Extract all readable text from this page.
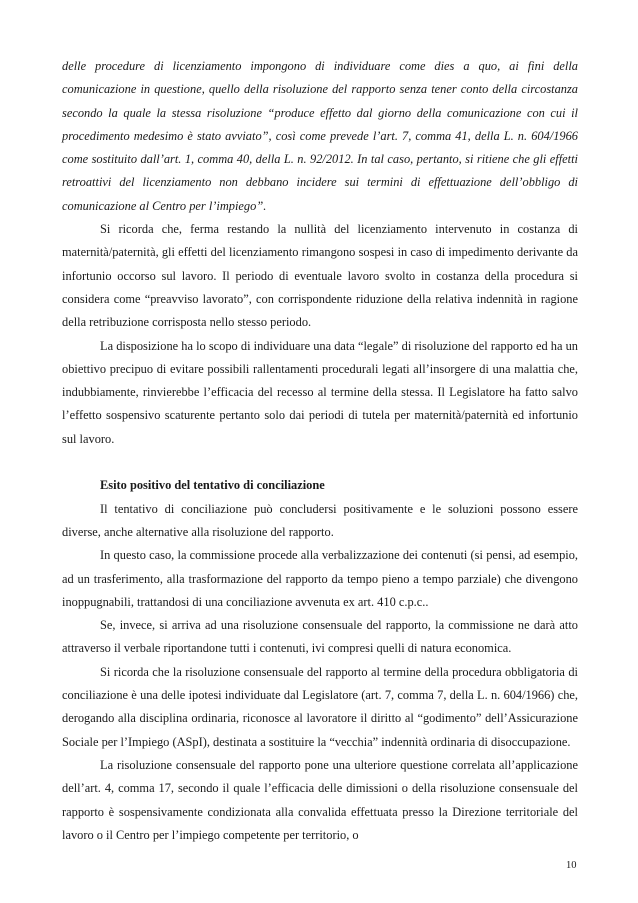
delle procedure di licenziamento impongono di individuare come dies a quo, ai fini della comunicazione in questione, quello della risoluzione del rapporto senza tener conto della circostanza secondo la quale la stessa risoluzione “produce effetto dal giorno della comunicazione con cui il procedimento medesimo è stato avviato”, così come prevede l’art. 7, comma 41, della L. n. 604/1966 come sostituito dall’art. 1, comma 40, della L. n. 92/2012. In tal caso, pertanto, si ritiene che gli effetti retroattivi del licenziamento non debbano incidere sui termini di effettuazione dell’obbligo di comunicazione al Centro per l’impiego”.

Si ricorda che, ferma restando la nullità del licenziamento intervenuto in costanza di maternità/paternità, gli effetti del licenziamento rimangono sospesi in caso di impedimento derivante da infortunio occorso sul lavoro. Il periodo di eventuale lavoro svolto in costanza della procedura si considera come “preavviso lavorato”, con corrispondente riduzione della relativa indennità in ragione della retribuzione corrisposta nello stesso periodo.

La disposizione ha lo scopo di individuare una data “legale” di risoluzione del rapporto ed ha un obiettivo precipuo di evitare possibili rallentamenti procedurali legati all’insorgere di una malattia che, indubbiamente, rinvierebbe l’efficacia del recesso al termine della stessa. Il Legislatore ha fatto salvo l’effetto sospensivo scaturente pertanto solo dai periodi di tutela per maternità/paternità ed infortunio sul lavoro.

Esito positivo del tentativo di conciliazione

Il tentativo di conciliazione può concludersi positivamente e le soluzioni possono essere diverse, anche alternative alla risoluzione del rapporto.

In questo caso, la commissione procede alla verbalizzazione dei contenuti (si pensi, ad esempio, ad un trasferimento, alla trasformazione del rapporto da tempo pieno a tempo parziale) che divengono inoppugnabili, trattandosi di una conciliazione avvenuta ex art. 410 c.p.c..

Se, invece, si arriva ad una risoluzione consensuale del rapporto, la commissione ne darà atto attraverso il verbale riportandone tutti i contenuti, ivi compresi quelli di natura economica.

Si ricorda che la risoluzione consensuale del rapporto al termine della procedura obbligatoria di conciliazione è una delle ipotesi individuate dal Legislatore (art. 7, comma 7, della L. n. 604/1966) che, derogando alla disciplina ordinaria, riconosce al lavoratore il diritto al “godimento” dell’Assicurazione Sociale per l’Impiego (ASpI), destinata a sostituire la “vecchia” indennità ordinaria di disoccupazione.

La risoluzione consensuale del rapporto pone una ulteriore questione correlata all’applicazione dell’art. 4, comma 17, secondo il quale l’efficacia delle dimissioni o della risoluzione consensuale del rapporto è sospensivamente condizionata alla convalida effettuata presso la Direzione territoriale del lavoro o il Centro per l’impiego competente per territorio, o

10
